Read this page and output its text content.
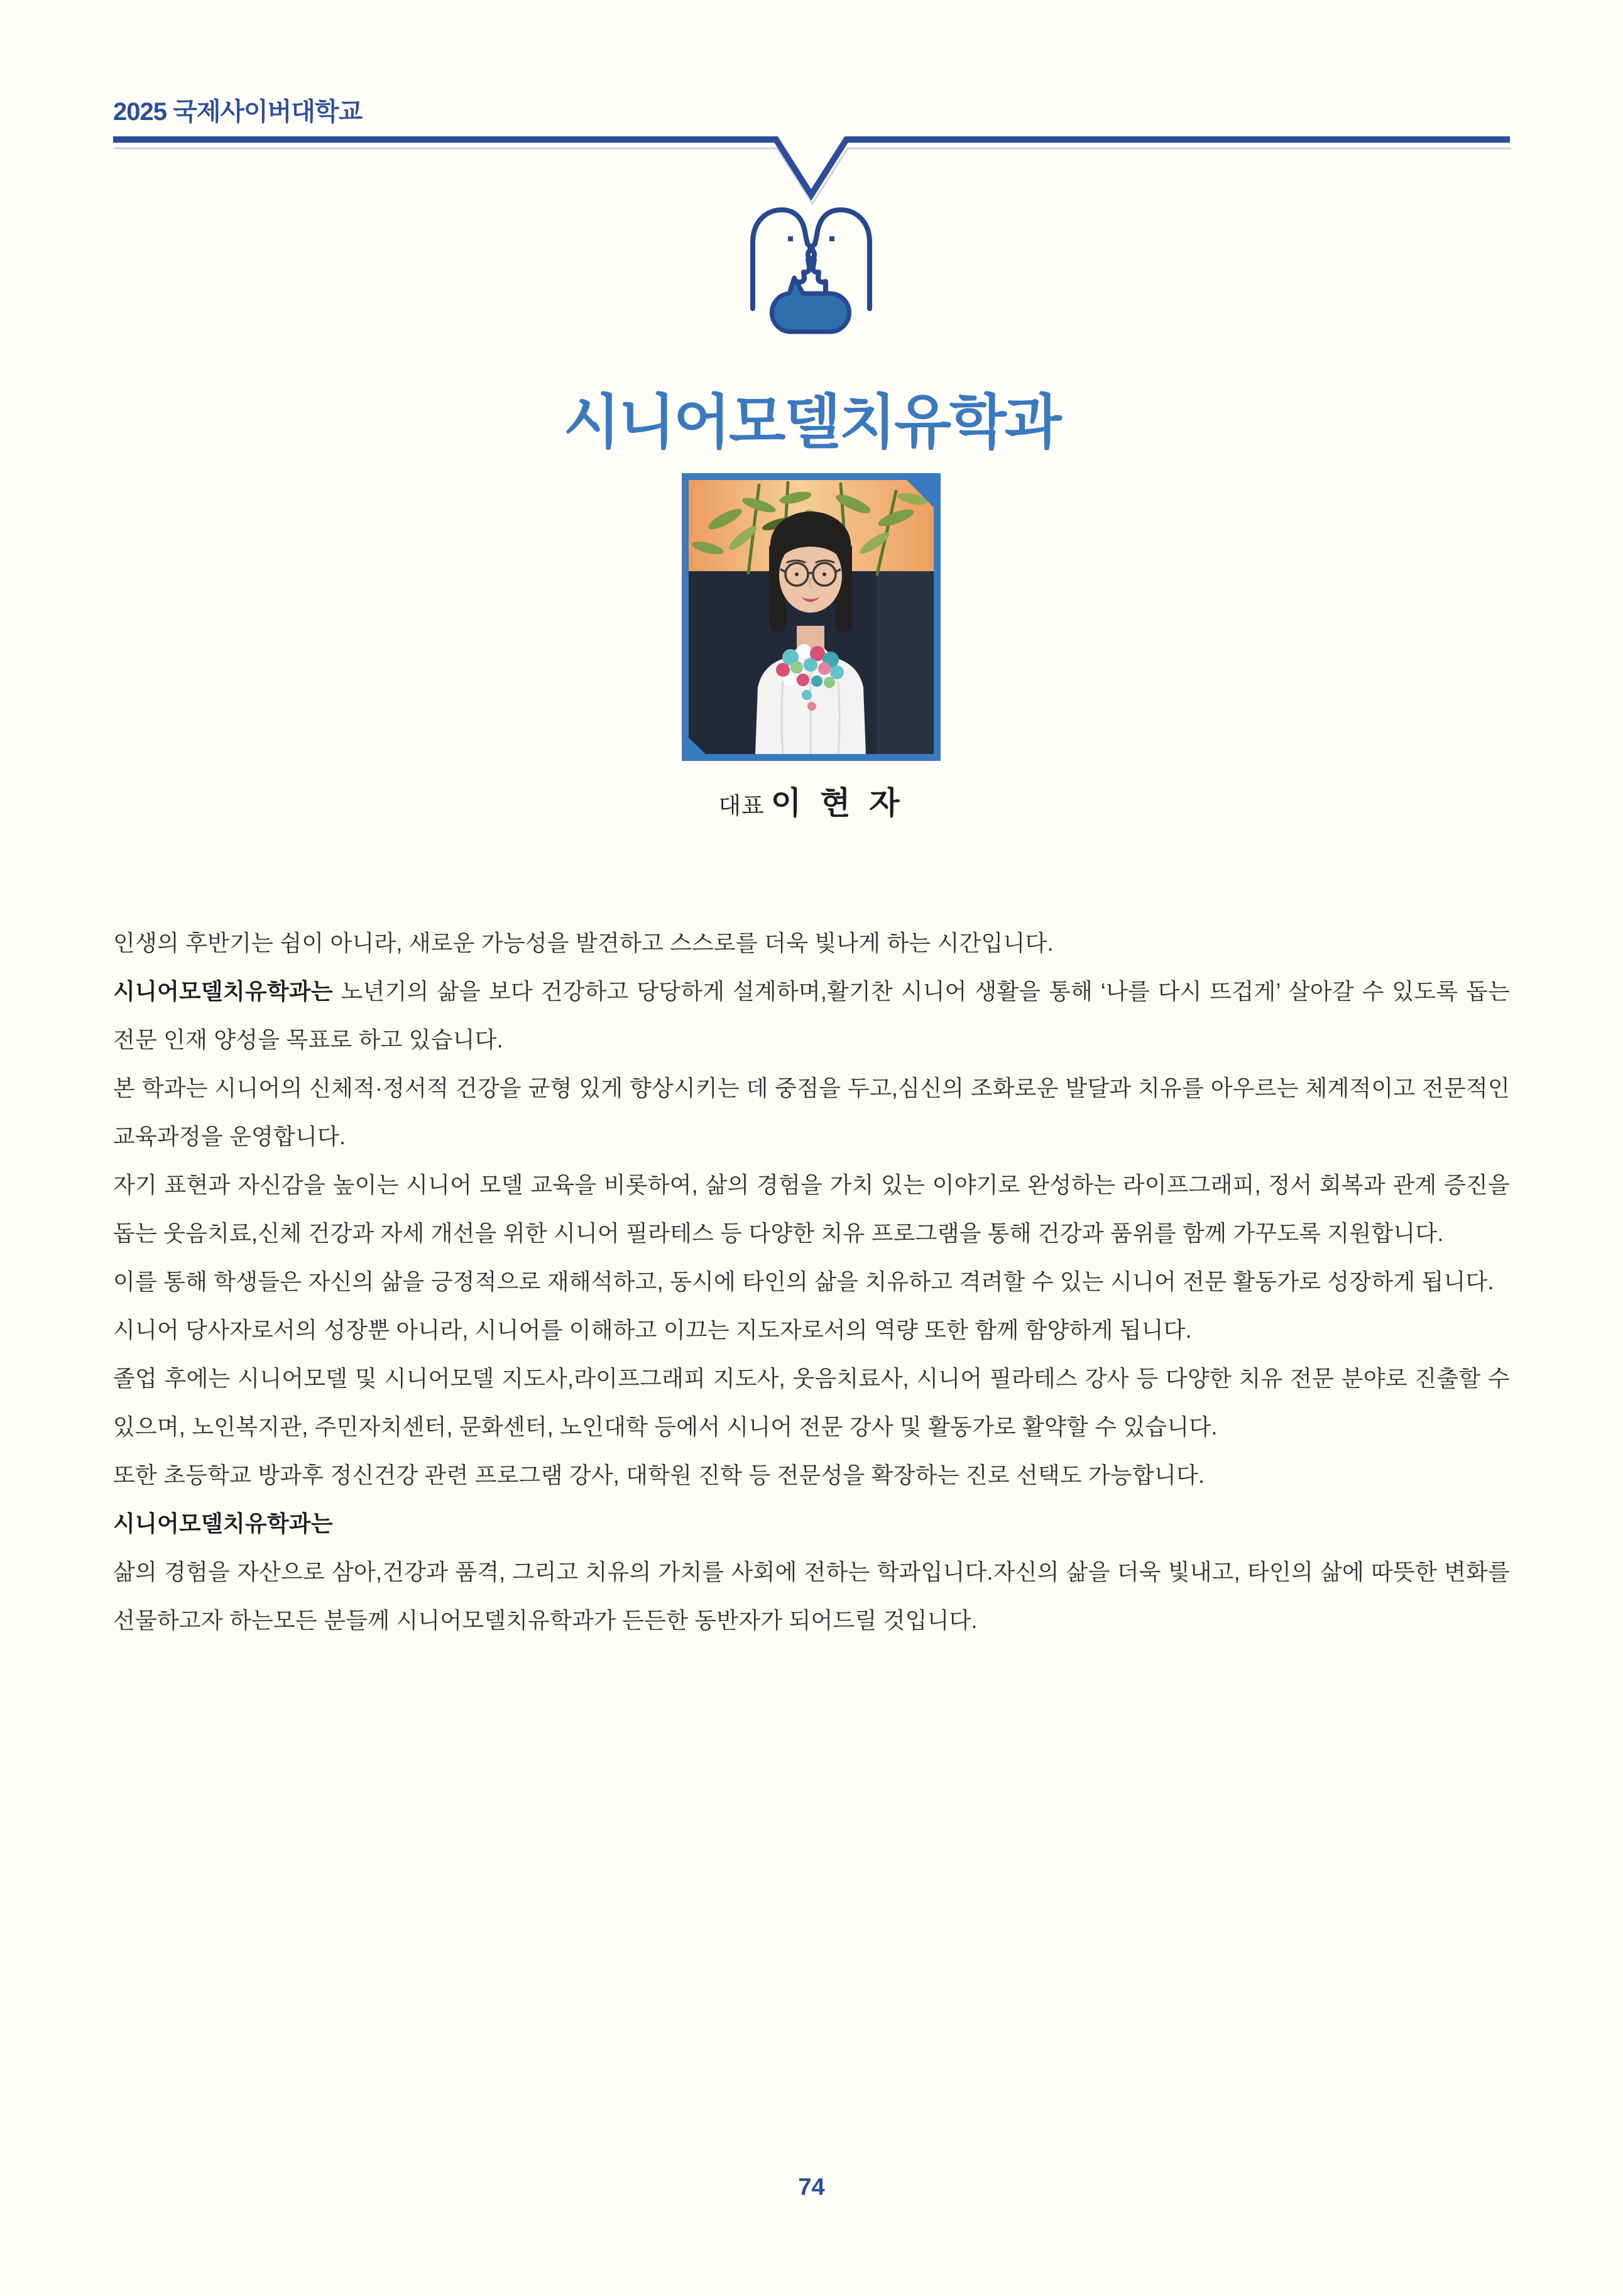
2025 국제사이버대학교
시니어모델치유학과
대표 이 현 자

인생의 후반기는 쉼이 아니라, 새로운 가능성을 발견하고 스스로를 더욱 빛나게 하는 시간입니다.

시니어모델치유학과는 노년기의 삶을 보다 건강하고 당당하게 설계하며,활기찬 시니어 생활을 통해 ‘나를 다시 뜨겁게’ 살아갈 수 있도록 돕는 전문 인재 양성을 목표로 하고 있습니다.

본 학과는 시니어의 신체적·정서적 건강을 균형 있게 향상시키는 데 중점을 두고,심신의 조화로운 발달과 치유를 아우르는 체계적이고 전문적인 교육과정을 운영합니다.

자기 표현과 자신감을 높이는 시니어 모델 교육을 비롯하여, 삶의 경험을 가치 있는 이야기로 완성하는 라이프그래피, 정서 회복과 관계 증진을 돕는 웃음치료,신체 건강과 자세 개선을 위한 시니어 필라테스 등 다양한 치유 프로그램을 통해 건강과 품위를 함께 가꾸도록 지원합니다.

이를 통해 학생들은 자신의 삶을 긍정적으로 재해석하고, 동시에 타인의 삶을 치유하고 격려할 수 있는 시니어 전문 활동가로 성장하게 됩니다.

시니어 당사자로서의 성장뿐 아니라, 시니어를 이해하고 이끄는 지도자로서의 역량 또한 함께 함양하게 됩니다.

졸업 후에는 시니어모델 및 시니어모델 지도사,라이프그래피 지도사, 웃음치료사, 시니어 필라테스 강사 등 다양한 치유 전문 분야로 진출할 수 있으며, 노인복지관, 주민자치센터, 문화센터, 노인대학 등에서 시니어 전문 강사 및 활동가로 활약할 수 있습니다.

또한 초등학교 방과후 정신건강 관련 프로그램 강사, 대학원 진학 등 전문성을 확장하는 진로 선택도 가능합니다.

시니어모델치유학과는

삶의 경험을 자산으로 삼아,건강과 품격, 그리고 치유의 가치를 사회에 전하는 학과입니다.자신의 삶을 더욱 빛내고, 타인의 삶에 따뜻한 변화를 선물하고자 하는모든 분들께 시니어모델치유학과가 든든한 동반자가 되어드릴 것입니다.

74
